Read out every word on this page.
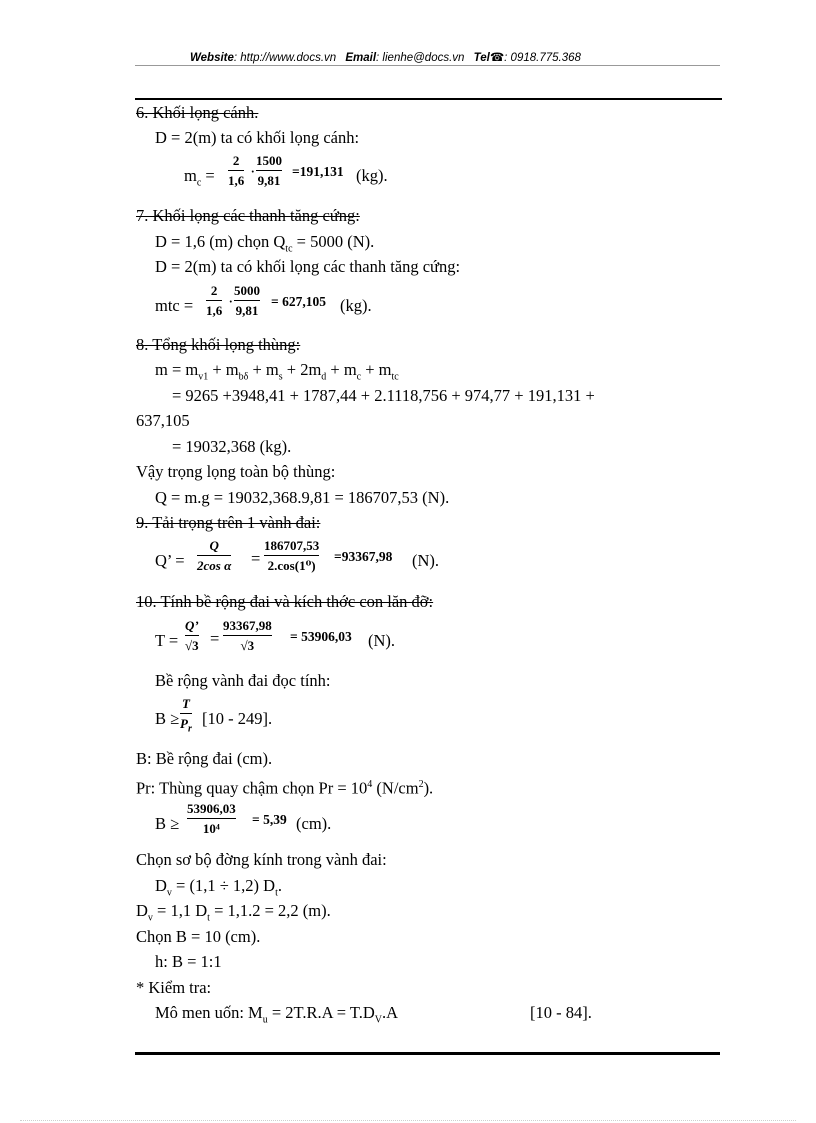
Website: http://www.docs.vn Email: lienhe@docs.vn Tel☎: 0918.775.368
6. Khối lọng cánh.
D = 2(m) ta có khối lọng cánh:
$m_c$ =
2
1,6 ·
1500
9,81
=191,131 (kg).
7. Khối lọng các thanh tăng cứng:
D = 1,6 (m) chọn $Q_{tc} = 5000$ (N).
D = 2(m) ta có khối lọng các thanh tăng cứng:
mtc =
2
1,6 ·
5000
9,81
= 627,105 (kg).
8. Tổng khối lọng thùng:
$m = m_{v1} + m_{b\delta} + m_s + 2m_d + m_c + m_{tc}$
= 9265 +3948,41 + 1787,44 + 2.1118,756 + 974,77 + 191,131 +
637,105
= 19032,368 (kg).
Vậy trọng lọng toàn bộ thùng:
Q = m.g = 19032,368.9,81 = 186707,53 (N).
9. Tải trọng trên 1 vành đai:
Q’ =
Q
2cos α =
186707,53
2.cos(1⁰)
=93367,98 (N).
10. Tính bề rộng đai và kích thớc con lăn đỡ:
T =
Q’
√3 =
93367,98
√3
= 53906,03 (N).
Bề rộng vành đai đọc tính:
B ≥
T
$P_r$
[10 - 249].
B: Bề rộng đai (cm).
Pr: Thùng quay chậm chọn $Pr = 10^4$ $(N/cm^2)$.
B ≥
53906,03
10⁴
= 5,39 (cm).
Chọn sơ bộ đờng kính trong vành đai:
$D_v = (1,1 \div 1,2)$ $D_t$.
$D_v = 1,1$ $D_t = 1,1.2 = 2,2$ (m).
Chọn B = 10 (cm).
h: B = 1:1
* Kiểm tra:
Mô men uốn: $M_u = 2T.R.A = T.D_V.A$	[10 - 84].
